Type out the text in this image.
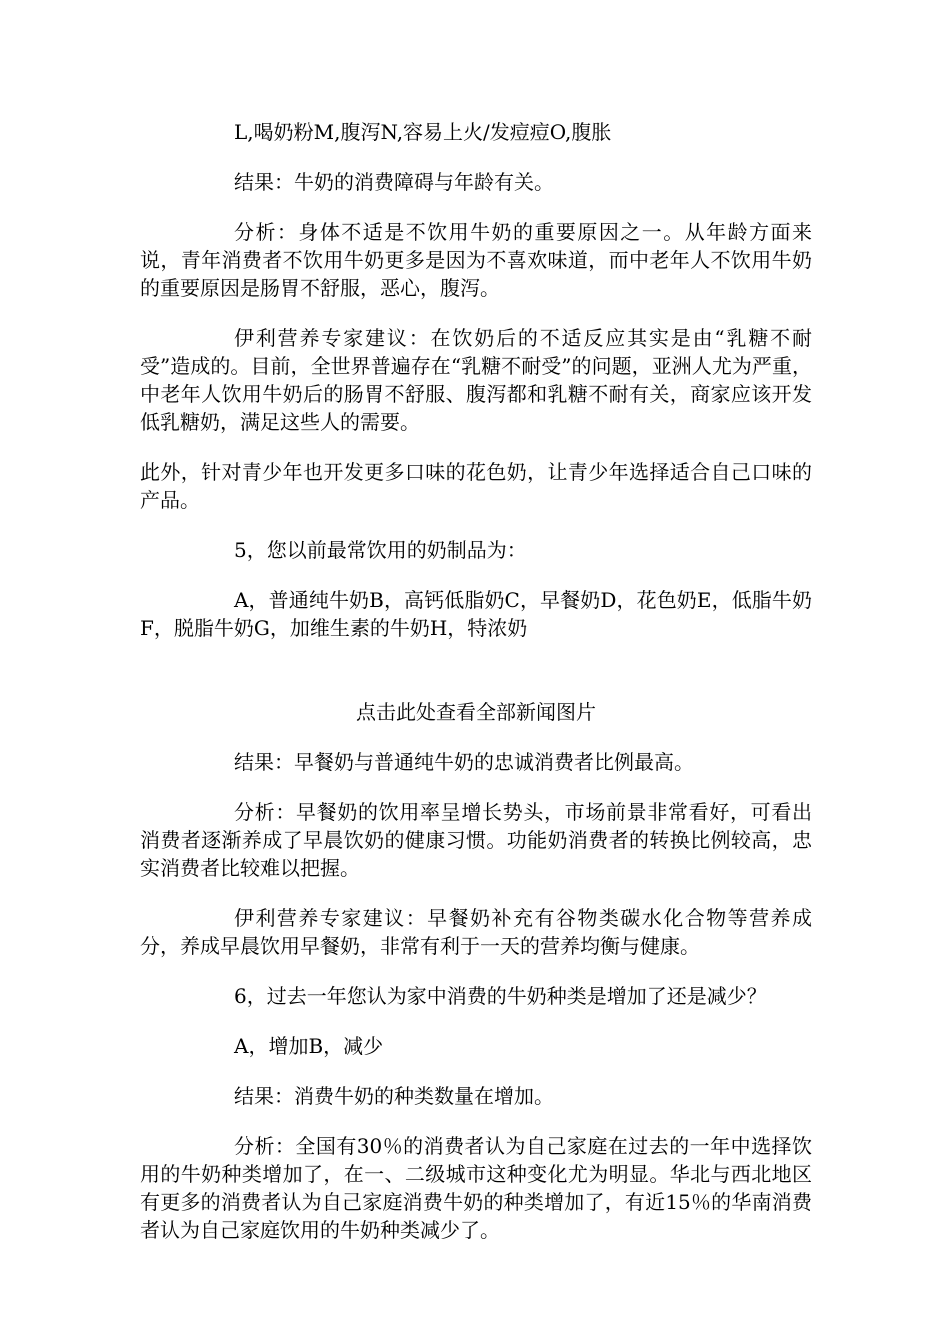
L,喝奶粉M,腹泻N,容易上火/发痘痘O,腹胀

结果：牛奶的消费障碍与年龄有关。

分析：身体不适是不饮用牛奶的重要原因之一。从年龄方面来说，青年消费者不饮用牛奶更多是因为不喜欢味道，而中老年人不饮用牛奶的重要原因是肠胃不舒服，恶心，腹泻。

伊利营养专家建议：在饮奶后的不适反应其实是由“乳糖不耐受”造成的。目前，全世界普遍存在“乳糖不耐受”的问题，亚洲人尤为严重，中老年人饮用牛奶后的肠胃不舒服、腹泻都和乳糖不耐有关，商家应该开发低乳糖奶，满足这些人的需要。

此外，针对青少年也开发更多口味的花色奶，让青少年选择适合自己口味的产品。

5，您以前最常饮用的奶制品为：

A，普通纯牛奶B，高钙低脂奶C，早餐奶D，花色奶E，低脂牛奶F，脱脂牛奶G，加维生素的牛奶H，特浓奶

点击此处查看全部新闻图片

结果：早餐奶与普通纯牛奶的忠诚消费者比例最高。

分析：早餐奶的饮用率呈增长势头，市场前景非常看好，可看出消费者逐渐养成了早晨饮奶的健康习惯。功能奶消费者的转换比例较高，忠实消费者比较难以把握。

伊利营养专家建议：早餐奶补充有谷物类碳水化合物等营养成分，养成早晨饮用早餐奶，非常有利于一天的营养均衡与健康。

6，过去一年您认为家中消费的牛奶种类是增加了还是减少？

A，增加B，减少

结果：消费牛奶的种类数量在增加。

分析：全国有30％的消费者认为自己家庭在过去的一年中选择饮用的牛奶种类增加了，在一、二级城市这种变化尤为明显。华北与西北地区有更多的消费者认为自己家庭消费牛奶的种类增加了，有近15％的华南消费者认为自己家庭饮用的牛奶种类减少了。
